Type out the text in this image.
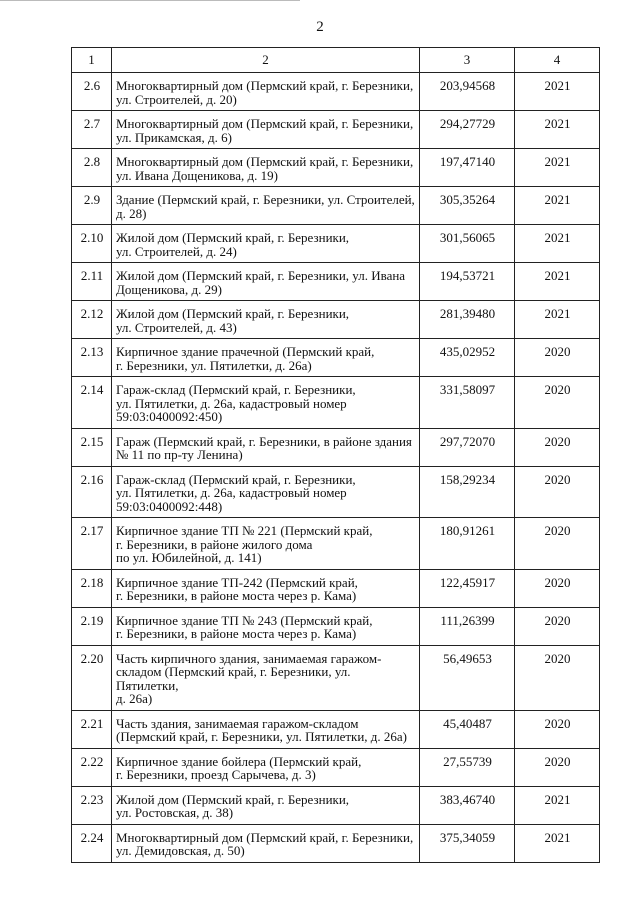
2
1	2	3	4
2.6	Многоквартирный дом (Пермский край, г. Березники,
ул. Строителей, д. 20)	203,94568	2021
2.7	Многоквартирный дом (Пермский край, г. Березники,
ул. Прикамская, д. 6)	294,27729	2021
2.8	Многоквартирный дом (Пермский край, г. Березники,
ул. Ивана Дощеникова, д. 19)	197,47140	2021
2.9	Здание (Пермский край, г. Березники, ул. Строителей,
д. 28)	305,35264	2021
2.10	Жилой дом (Пермский край, г. Березники,
ул. Строителей, д. 24)	301,56065	2021
2.11	Жилой дом (Пермский край, г. Березники, ул. Ивана
Дощеникова, д. 29)	194,53721	2021
2.12	Жилой дом (Пермский край, г. Березники,
ул. Строителей, д. 43)	281,39480	2021
2.13	Кирпичное здание прачечной (Пермский край,
г. Березники, ул. Пятилетки, д. 26а)	435,02952	2020
2.14	Гараж-склад (Пермский край, г. Березники,
ул. Пятилетки, д. 26а, кадастровый номер
59:03:0400092:450)	331,58097	2020
2.15	Гараж (Пермский край, г. Березники, в районе здания
№ 11 по пр-ту Ленина)	297,72070	2020
2.16	Гараж-склад (Пермский край, г. Березники,
ул. Пятилетки, д. 26а, кадастровый номер
59:03:0400092:448)	158,29234	2020
2.17	Кирпичное здание ТП № 221 (Пермский край,
г. Березники, в районе жилого дома
по ул. Юбилейной, д. 141)	180,91261	2020
2.18	Кирпичное здание ТП-242 (Пермский край,
г. Березники, в районе моста через р. Кама)	122,45917	2020
2.19	Кирпичное здание ТП № 243 (Пермский край,
г. Березники, в районе моста через р. Кама)	111,26399	2020
2.20	Часть кирпичного здания, занимаемая гаражом-
складом (Пермский край, г. Березники, ул. Пятилетки,
д. 26а)	56,49653	2020
2.21	Часть здания, занимаемая гаражом-складом
(Пермский край, г. Березники, ул. Пятилетки, д. 26а)	45,40487	2020
2.22	Кирпичное здание бойлера (Пермский край,
г. Березники, проезд Сарычева, д. 3)	27,55739	2020
2.23	Жилой дом (Пермский край, г. Березники,
ул. Ростовская, д. 38)	383,46740	2021
2.24	Многоквартирный дом (Пермский край, г. Березники,
ул. Демидовская, д. 50)	375,34059	2021
